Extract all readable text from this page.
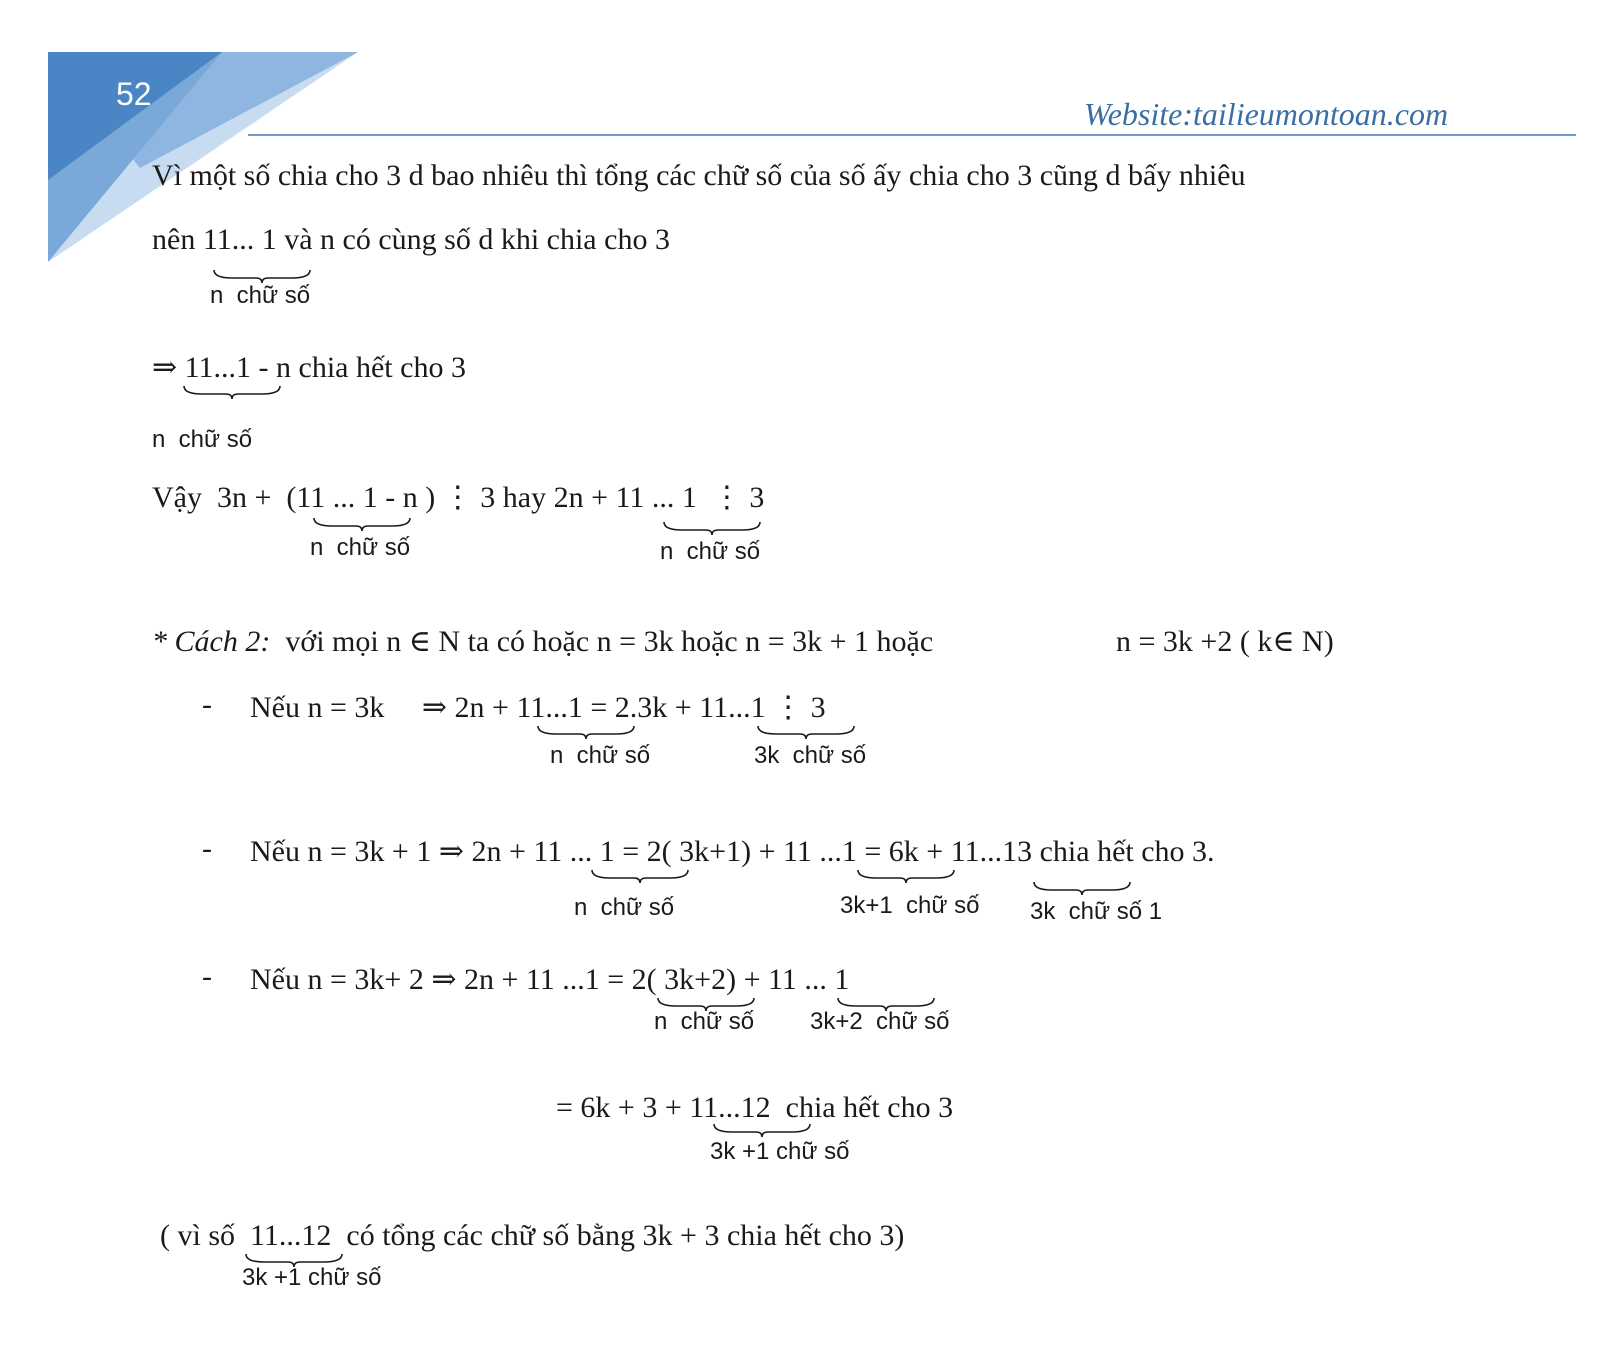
52
Website:tailieumontoan.com
Vì một số chia cho 3 d bao nhiêu thì tổng các chữ số của số ấy chia cho 3 cũng d bấy nhiêu
nên 11... 1 và n có cùng số d khi chia cho 3
n  chữ số
⇒ 11...1 - n chia hết cho 3
n  chữ số
Vậy  3n +  (11 ... 1 - n ) ⋮ 3 hay 2n + 11 ... 1  ⋮ 3
n  chữ số	n  chữ số
* Cách 2:  với mọi n ∈ N ta có hoặc n = 3k hoặc n = 3k + 1 hoặc	n = 3k +2 ( k∈ N)
- Nếu n = 3k     ⇒ 2n + 11...1 = 2.3k + 11...1 ⋮ 3
n  chữ số	3k  chữ số
- Nếu n = 3k + 1 ⇒ 2n + 11 ... 1 = 2( 3k+1) + 11 ...1 = 6k + 11...13 chia hết cho 3.
n  chữ số	3k+1  chữ số 3k  chữ số 1
- Nếu n = 3k+ 2 ⇒ 2n + 11 ...1 = 2( 3k+2) + 11 ... 1
n  chữ số 3k+2  chữ số
= 6k + 3 + 11...12  chia hết cho 3
3k +1 chữ số
( vì số  11...12  có tổng các chữ số bằng 3k + 3 chia hết cho 3)
3k +1 chữ số
